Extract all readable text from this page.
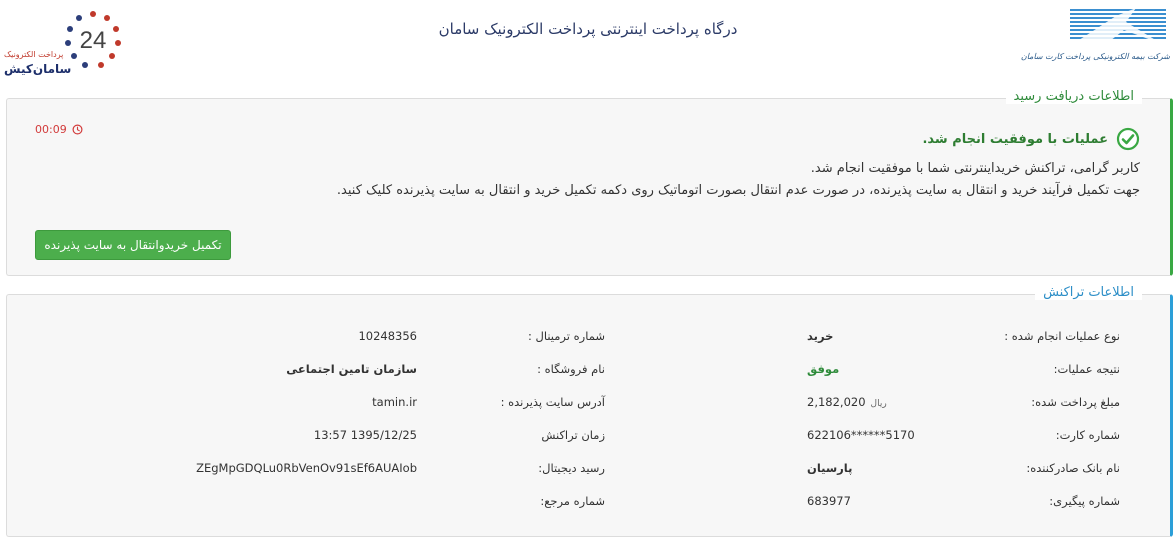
24
پرداخت الکترونیک
سامان‌کیش
درگاه پرداخت اینترنتی پرداخت الکترونیک سامان
شرکت بیمه الکترونیکی پرداخت کارت سامان
اطلاعات دریافت رسید
عملیات با موفقیت انجام شد.
کاربر گرامی، تراکنش خریداینترنتی شما با موفقیت انجام شد.
جهت تکمیل فرآیند خرید و انتقال به سایت پذیرنده، در صورت عدم انتقال بصورت اتوماتیک روی دکمه تکمیل خرید و انتقال به سایت پذیرنده کلیک کنید.
00:09
تکمیل خریدوانتقال به سایت پذیرنده
اطلاعات تراکنش
نوع عملیات انجام شده :
خرید
نتیجه عملیات:
موفق
مبلغ پرداخت شده:
ریال2,182,020
شماره کارت:
622106******5170
نام بانک صادرکننده:
پارسیان
شماره پیگیری:
683977
شماره ترمینال :
10248356
نام فروشگاه :
سازمان تامین اجتماعی
آدرس سایت پذیرنده :
tamin.ir
زمان تراکنش
1395/12/25 13:57
رسید دیجیتال:
ZEgMpGDQLu0RbVenOv91sEf6AUAIob
شماره مرجع:
